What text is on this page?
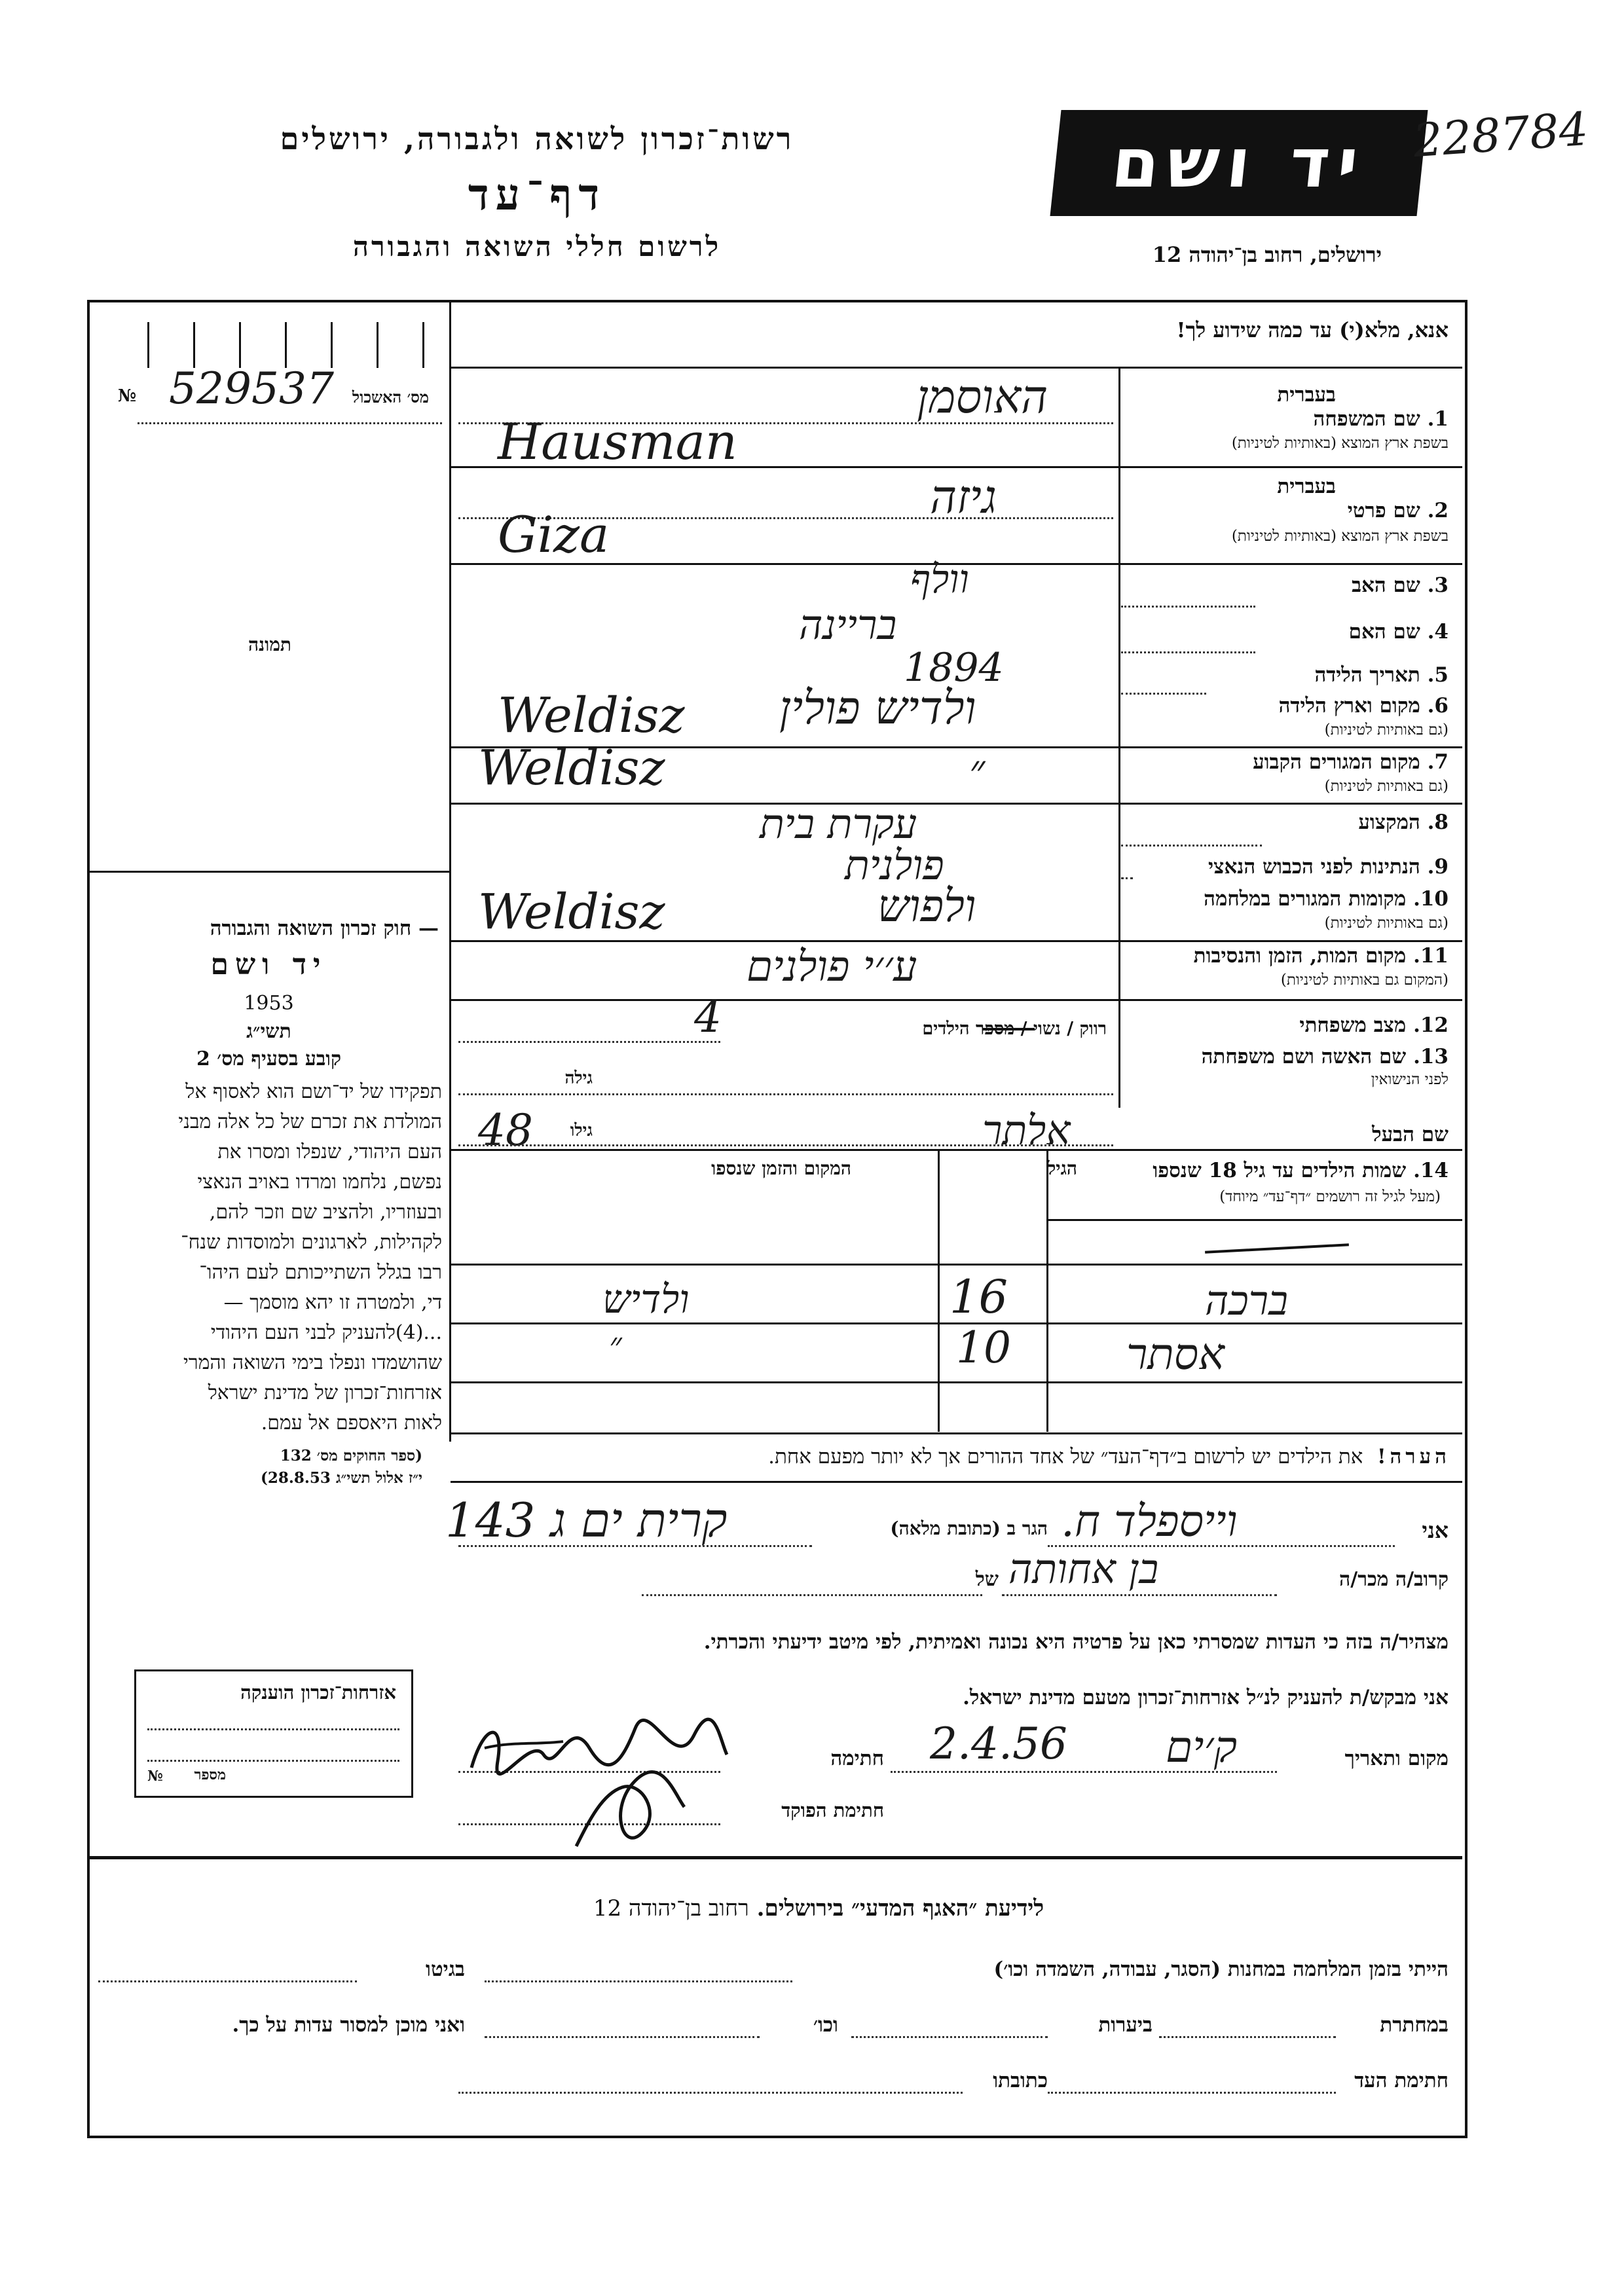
רשות־זכרון לשואה ולגבורה, ירושלים
דף־עד
לרשום חללי השואה והגבורה
יד ושם 228784
ירושלים, רחוב בן־יהודה 12
אנא, מלא(י) עד כמה שידוע לך!
№ 529537 מס׳ האשכול
תמונה
בעברית
1. שם המשפחה
בשפת ארץ המוצא (באותיות לטיניות)
האוסמן
Hausman
בעברית
2. שם פרטי
בשפת ארץ המוצא (באותיות לטיניות)
גיזה
Giza
3. שם האב
וולף
4. שם האם
בריינה
5. תאריך הלידה
1894
6. מקום וארץ הלידה
(גם באותיות לטיניות)
ולדיש פולין
Weldisz
7. מקום המגורים הקבוע
(גם באותיות לטיניות)
״
Weldisz
8. המקצוע
עקרת בית
9. הנתינות לפני הכבוש הנאצי
פולנית
10. מקומות המגורים במלחמה
(גם באותיות לטיניות)
ולפוש
Weldisz
11. מקום המות, הזמן והנסיבות
(המקום גם באותיות לטיניות)
ע׳׳י פולנים
12. מצב משפחתי
רווק / נשוי / מספר הילדים
4
13. שם האשה ושם משפחתה
לפני הנישואין
גילה
שם הבעל
אלתר
48 גילו
14. שמות הילדים עד גיל 18 שנספו
(מעל לגיל זה רושמים ״דף־עד״ מיוחד)
הגיל
המקום והזמן שנספו
ברכה
16
ולדיש
אסתר
10
״
הערה!  את הילדים יש לרשום ב״דף־העד״ של אחד ההורים אך לא יותר מפעם אחת.
— חוק זכרון השואה והגבורה
יד ושם
1953
תשי״ג
קובע בסעיף מס׳ 2
תפקידו של יד־ושם הוא לאסוף אל
המולדת את זכרם של כל אלה מבני
העם היהודי, שנפלו ומסרו את
נפשם, נלחמו ומרדו באויב הנאצי
ובעוזריו, ולהציב שם וזכר להם,
לקהילות, לארגונים ולמוסדות שנח־
רבו בגלל השתייכותם לעם היהו־
די, ולמטרה זו יהא מוסמך —
...(4)להעניק לבני העם היהודי
שהושמדו ונפלו בימי השואה והמרי
אזרחות־זכרון של מדינת ישראל
לאות היאספם אל עמם.
(ספר החוקים מס׳ 132
י״ז אלול תשי״ג 28.8.53)
אני
וייספלד ח.
הגר ב (כתובת מלאה)
קרית ים ג 143
קרוב/ה מכר/ה
בן אחותה
של
מצהיר/ה בזה כי העדות שמסרתי כאן על פרטיה היא נכונה ואמיתית, לפי מיטב ידיעתי והכרתי.
אני מבקש/ת להעניק לנ״ל אזרחות־זכרון מטעם מדינת ישראל.
מקום ותאריך
ק׳ים
2.4.56
חתימה
חתימת הפוקד
אזרחות־זכרון הוענקה
№ מספר
לידיעת ״האגף המדעי״ בירושלים. רחוב בן־יהודה 12
הייתי בזמן המלחמה במחנות (הסגר, עבודה, השמדה וכו׳)
בגיטו
במחתרת
ביערות
וכו׳
ואני מוכן למסור עדות על כך.
חתימת העד
כתובתו
